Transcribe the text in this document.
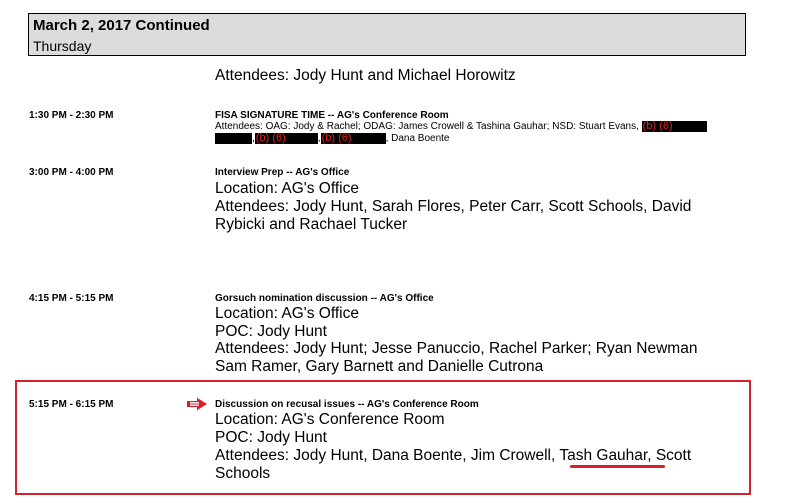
March 2, 2017 Continued
Thursday
Attendees: Jody Hunt and Michael Horowitz
1:30 PM - 2:30 PM	FISA SIGNATURE TIME -- AG's Conference Room
Attendees: OAG: Jody & Rachel; ODAG: James Crowell & Tashina Gauhar; NSD: Stuart Evans, (b) (6)
,(b) (6)	,(b) (6)	, Dana Boente
3:00 PM - 4:00 PM	Interview Prep -- AG's Office
Location: AG's Office
Attendees: Jody Hunt, Sarah Flores, Peter Carr, Scott Schools, David
Rybicki and Rachael Tucker
4:15 PM - 5:15 PM	Gorsuch nomination discussion -- AG's Office
Location: AG's Office
POC: Jody Hunt
Attendees: Jody Hunt; Jesse Panuccio, Rachel Parker; Ryan Newman
Sam Ramer, Gary Barnett and Danielle Cutrona
5:15 PM - 6:15 PM	Discussion on recusal issues -- AG's Conference Room
Location: AG's Conference Room
POC: Jody Hunt
Attendees: Jody Hunt, Dana Boente, Jim Crowell, Tash Gauhar, Scott
Schools
